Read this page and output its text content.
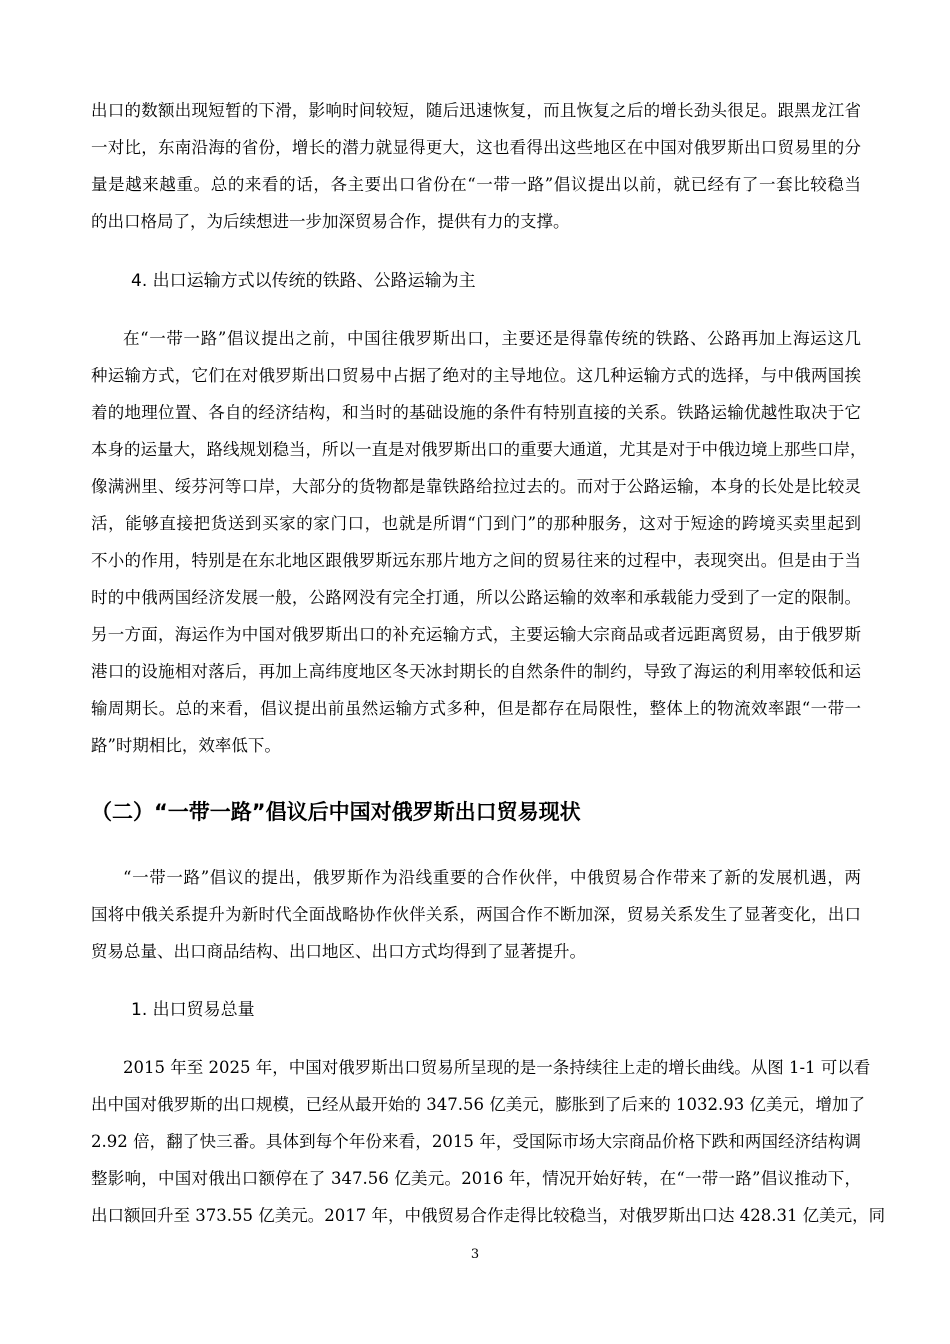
出口的数额出现短暂的下滑，影响时间较短，随后迅速恢复，而且恢复之后的增长劲头很足。跟黑龙江省
一对比，东南沿海的省份，增长的潜力就显得更大，这也看得出这些地区在中国对俄罗斯出口贸易里的分
量是越来越重。总的来看的话，各主要出口省份在“一带一路”倡议提出以前，就已经有了一套比较稳当
的出口格局了，为后续想进一步加深贸易合作，提供有力的支撑。
4. 出口运输方式以传统的铁路、公路运输为主
在“一带一路”倡议提出之前，中国往俄罗斯出口，主要还是得靠传统的铁路、公路再加上海运这几
种运输方式，它们在对俄罗斯出口贸易中占据了绝对的主导地位。这几种运输方式的选择，与中俄两国挨
着的地理位置、各自的经济结构，和当时的基础设施的条件有特别直接的关系。铁路运输优越性取决于它
本身的运量大，路线规划稳当，所以一直是对俄罗斯出口的重要大通道，尤其是对于中俄边境上那些口岸，
像满洲里、绥芬河等口岸，大部分的货物都是靠铁路给拉过去的。而对于公路运输，本身的长处是比较灵
活，能够直接把货送到买家的家门口，也就是所谓“门到门”的那种服务，这对于短途的跨境买卖里起到
不小的作用，特别是在东北地区跟俄罗斯远东那片地方之间的贸易往来的过程中，表现突出。但是由于当
时的中俄两国经济发展一般，公路网没有完全打通，所以公路运输的效率和承载能力受到了一定的限制。
另一方面，海运作为中国对俄罗斯出口的补充运输方式，主要运输大宗商品或者远距离贸易，由于俄罗斯
港口的设施相对落后，再加上高纬度地区冬天冰封期长的自然条件的制约，导致了海运的利用率较低和运
输周期长。总的来看，倡议提出前虽然运输方式多种，但是都存在局限性，整体上的物流效率跟“一带一
路”时期相比，效率低下。
（二）“一带一路”倡议后中国对俄罗斯出口贸易现状
“一带一路”倡议的提出，俄罗斯作为沿线重要的合作伙伴，中俄贸易合作带来了新的发展机遇，两
国将中俄关系提升为新时代全面战略协作伙伴关系，两国合作不断加深，贸易关系发生了显著变化，出口
贸易总量、出口商品结构、出口地区、出口方式均得到了显著提升。
1. 出口贸易总量
2015 年至 2025 年，中国对俄罗斯出口贸易所呈现的是一条持续往上走的增长曲线。从图 1-1 可以看
出中国对俄罗斯的出口规模，已经从最开始的 347.56 亿美元，膨胀到了后来的 1032.93 亿美元，增加了
2.92 倍，翻了快三番。具体到每个年份来看，2015 年，受国际市场大宗商品价格下跌和两国经济结构调
整影响，中国对俄出口额停在了 347.56 亿美元。2016 年，情况开始好转，在“一带一路”倡议推动下，
出口额回升至 373.55 亿美元。2017 年，中俄贸易合作走得比较稳当，对俄罗斯出口达 428.31 亿美元，同
3
